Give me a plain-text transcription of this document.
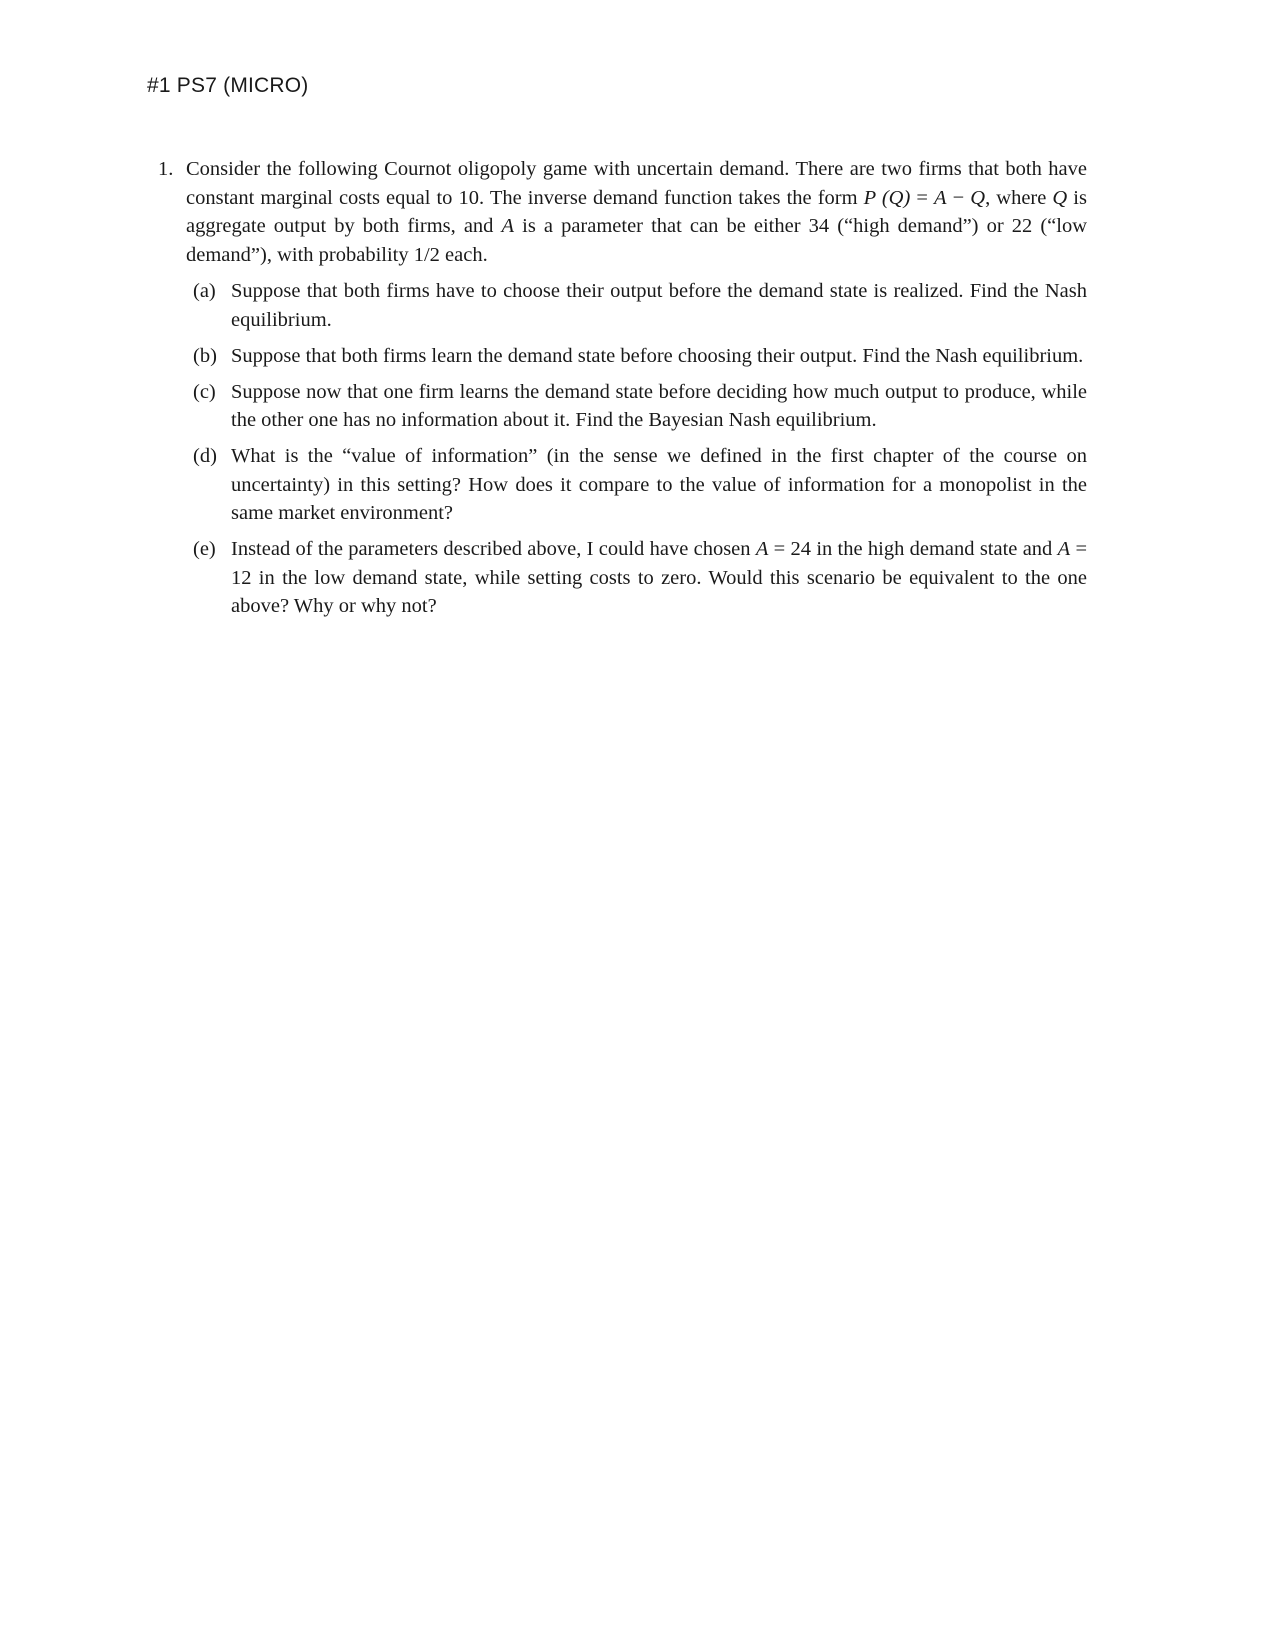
#1 PS7 (MICRO)
1. Consider the following Cournot oligopoly game with uncertain demand. There are two firms that both have constant marginal costs equal to 10. The inverse demand function takes the form P (Q) = A − Q, where Q is aggregate output by both firms, and A is a parameter that can be either 34 (“high demand”) or 22 (“low demand”), with probability 1/2 each.
(a) Suppose that both firms have to choose their output before the demand state is realized. Find the Nash equilibrium.
(b) Suppose that both firms learn the demand state before choosing their output. Find the Nash equilibrium.
(c) Suppose now that one firm learns the demand state before deciding how much output to produce, while the other one has no information about it. Find the Bayesian Nash equilibrium.
(d) What is the “value of information” (in the sense we defined in the first chapter of the course on uncertainty) in this setting? How does it compare to the value of information for a monopolist in the same market environment?
(e) Instead of the parameters described above, I could have chosen A = 24 in the high demand state and A = 12 in the low demand state, while setting costs to zero. Would this scenario be equivalent to the one above? Why or why not?
